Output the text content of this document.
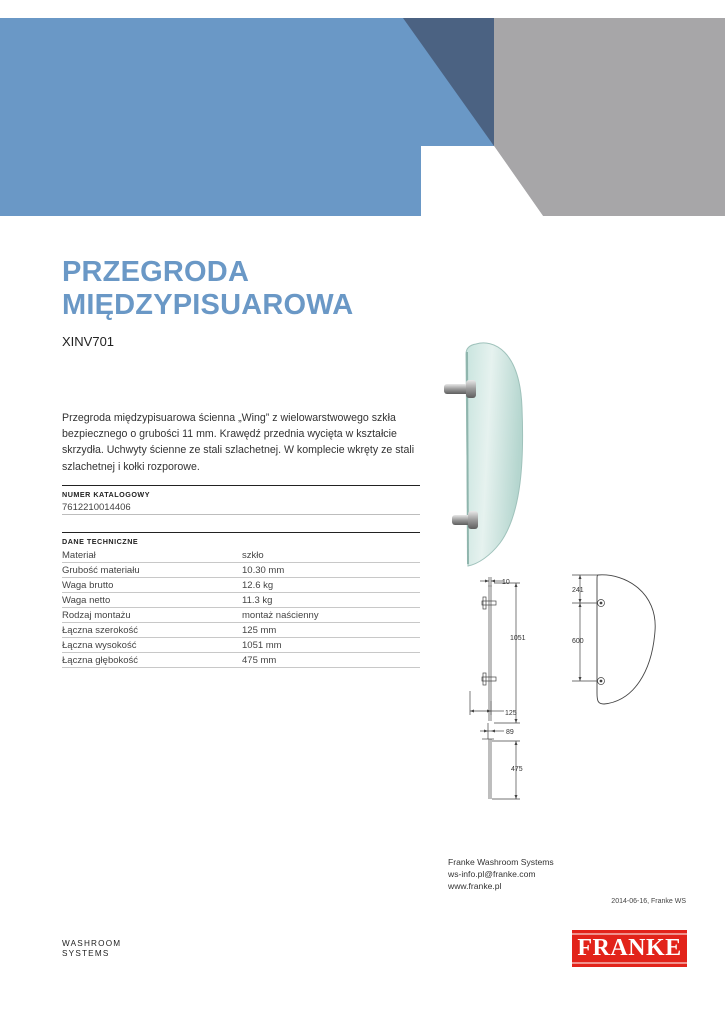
PRZEGRODA
MIĘDZYPISUAROWA
XINV701

Przegroda międzypisuarowa ścienna „Wing” z wielowarstwowego szkła bezpiecznego o grubości 11 mm. Krawędź przednia wycięta w kształcie skrzydła. Uchwyty ścienne ze stali szlachetnej. W komplecie wkręty ze stali szlachetnej i kołki rozporowe.

NUMER KATALOGOWY
7612210014406
DANE TECHNICZNE
Materiał	szkło
Grubość materiału	10.30 mm
Waga brutto	12.6 kg
Waga netto	11.3 kg
Rodzaj montażu	montaż naścienny
Łączna szerokość	125 mm
Łączna wysokość	1051 mm
Łączna głębokość	475 mm
10
1051
125
89
475
241
600
Franke Washroom Systems
ws-info.pl@franke.com
www.franke.pl
2014-06-16, Franke WS
WASHROOM
SYSTEMS	FRANKE
